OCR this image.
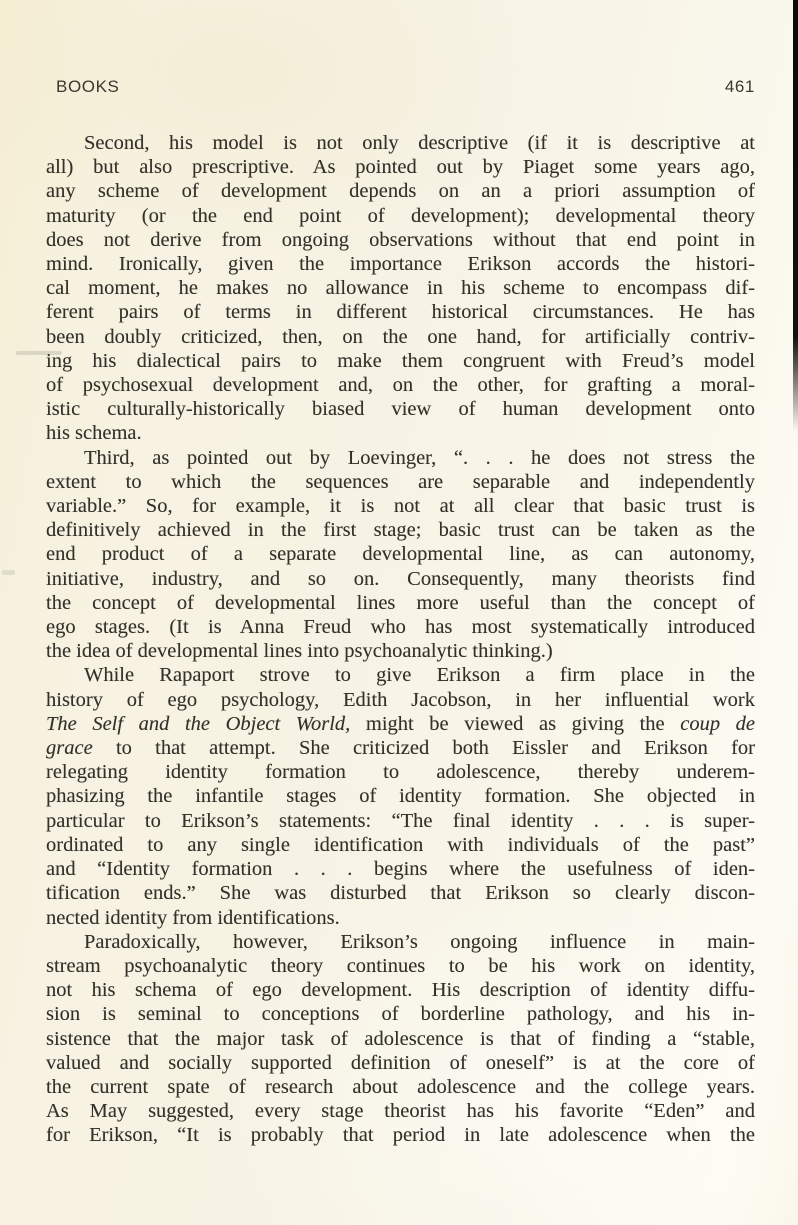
BOOKS	461
Second, his model is not only descriptive (if it is descriptive at
all) but also prescriptive. As pointed out by Piaget some years ago,
any scheme of development depends on an a priori assumption of
maturity (or the end point of development); developmental theory
does not derive from ongoing observations without that end point in
mind. Ironically, given the importance Erikson accords the histori-
cal moment, he makes no allowance in his scheme to encompass dif-
ferent pairs of terms in different historical circumstances. He has
been doubly criticized, then, on the one hand, for artificially contriv-
ing his dialectical pairs to make them congruent with Freud’s model
of psychosexual development and, on the other, for grafting a moral-
istic culturally-historically biased view of human development onto
his schema.
Third, as pointed out by Loevinger, “. . . he does not stress the
extent to which the sequences are separable and independently
variable.” So, for example, it is not at all clear that basic trust is
definitively achieved in the first stage; basic trust can be taken as the
end product of a separate developmental line, as can autonomy,
initiative, industry, and so on. Consequently, many theorists find
the concept of developmental lines more useful than the concept of
ego stages. (It is Anna Freud who has most systematically introduced
the idea of developmental lines into psychoanalytic thinking.)
While Rapaport strove to give Erikson a firm place in the
history of ego psychology, Edith Jacobson, in her influential work
The Self and the Object World, might be viewed as giving the coup de
grace to that attempt. She criticized both Eissler and Erikson for
relegating identity formation to adolescence, thereby underem-
phasizing the infantile stages of identity formation. She objected in
particular to Erikson’s statements: “The final identity . . . is super-
ordinated to any single identification with individuals of the past”
and “Identity formation . . . begins where the usefulness of iden-
tification ends.” She was disturbed that Erikson so clearly discon-
nected identity from identifications.
Paradoxically, however, Erikson’s ongoing influence in main-
stream psychoanalytic theory continues to be his work on identity,
not his schema of ego development. His description of identity diffu-
sion is seminal to conceptions of borderline pathology, and his in-
sistence that the major task of adolescence is that of finding a “stable,
valued and socially supported definition of oneself” is at the core of
the current spate of research about adolescence and the college years.
As May suggested, every stage theorist has his favorite “Eden” and
for Erikson, “It is probably that period in late adolescence when the
